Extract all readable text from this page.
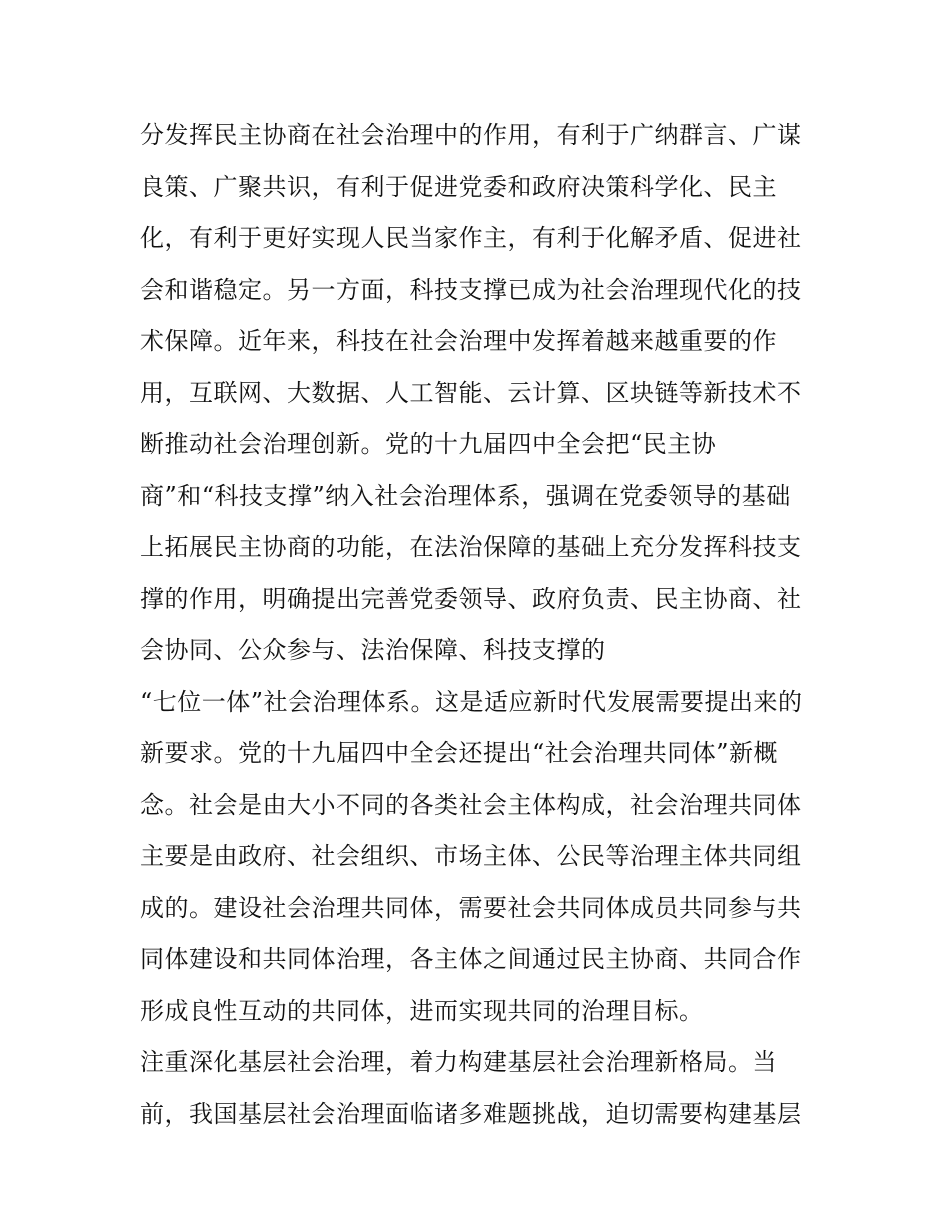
分发挥民主协商在社会治理中的作用，有利于广纳群言、广谋
良策、广聚共识，有利于促进党委和政府决策科学化、民主
化，有利于更好实现人民当家作主，有利于化解矛盾、促进社
会和谐稳定。另一方面，科技支撑已成为社会治理现代化的技
术保障。近年来，科技在社会治理中发挥着越来越重要的作
用，互联网、大数据、人工智能、云计算、区块链等新技术不
断推动社会治理创新。党的十九届四中全会把“民主协
商”和“科技支撑”纳入社会治理体系，强调在党委领导的基础
上拓展民主协商的功能，在法治保障的基础上充分发挥科技支
撑的作用，明确提出完善党委领导、政府负责、民主协商、社
会协同、公众参与、法治保障、科技支撑的
“七位一体”社会治理体系。这是适应新时代发展需要提出来的
新要求。党的十九届四中全会还提出“社会治理共同体”新概
念。社会是由大小不同的各类社会主体构成，社会治理共同体
主要是由政府、社会组织、市场主体、公民等治理主体共同组
成的。建设社会治理共同体，需要社会共同体成员共同参与共
同体建设和共同体治理，各主体之间通过民主协商、共同合作
形成良性互动的共同体，进而实现共同的治理目标。
注重深化基层社会治理，着力构建基层社会治理新格局。当
前，我国基层社会治理面临诸多难题挑战，迫切需要构建基层
